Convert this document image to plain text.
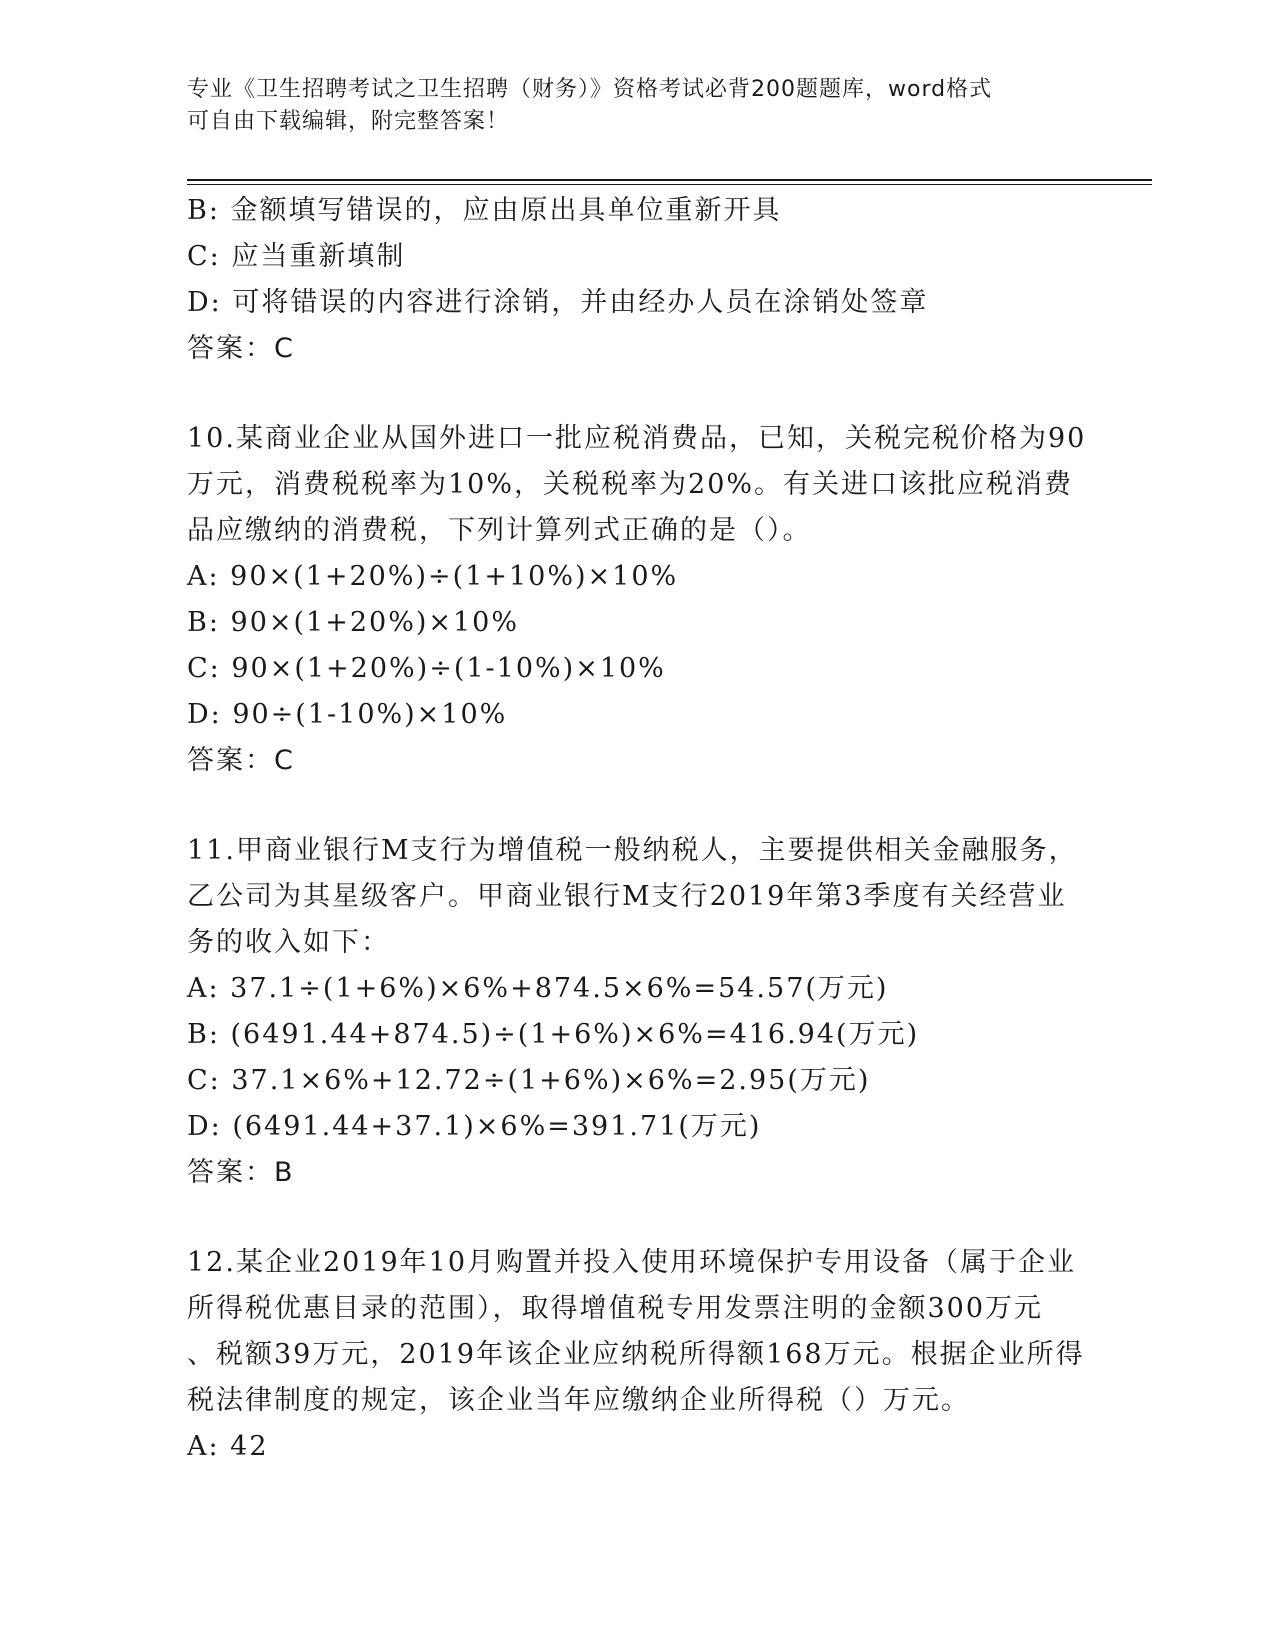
专业《卫生招聘考试之卫生招聘（财务）》资格考试必背200题题库，word格式
可自由下载编辑，附完整答案！
B: 金额填写错误的，应由原出具单位重新开具
C: 应当重新填制
D: 可将错误的内容进行涂销，并由经办人员在涂销处签章
答案：C
10.某商业企业从国外进口一批应税消费品，已知，关税完税价格为90
万元，消费税税率为10%，关税税率为20%。有关进口该批应税消费
品应缴纳的消费税，下列计算列式正确的是（）。
A: 90×(1+20%)÷(1+10%)×10%
B: 90×(1+20%)×10%
C: 90×(1+20%)÷(1-10%)×10%
D: 90÷(1-10%)×10%
答案：C
11.甲商业银行M支行为增值税一般纳税人，主要提供相关金融服务，
乙公司为其星级客户。甲商业银行M支行2019年第3季度有关经营业
务的收入如下：
A: 37.1÷(1+6%)×6%+874.5×6%=54.57(万元)
B: (6491.44+874.5)÷(1+6%)×6%=416.94(万元)
C: 37.1×6%+12.72÷(1+6%)×6%=2.95(万元)
D: (6491.44+37.1)×6%=391.71(万元)
答案：B
12.某企业2019年10月购置并投入使用环境保护专用设备（属于企业
所得税优惠目录的范围），取得增值税专用发票注明的金额300万元
、税额39万元，2019年该企业应纳税所得额168万元。根据企业所得
税法律制度的规定，该企业当年应缴纳企业所得税（）万元。
A: 42
